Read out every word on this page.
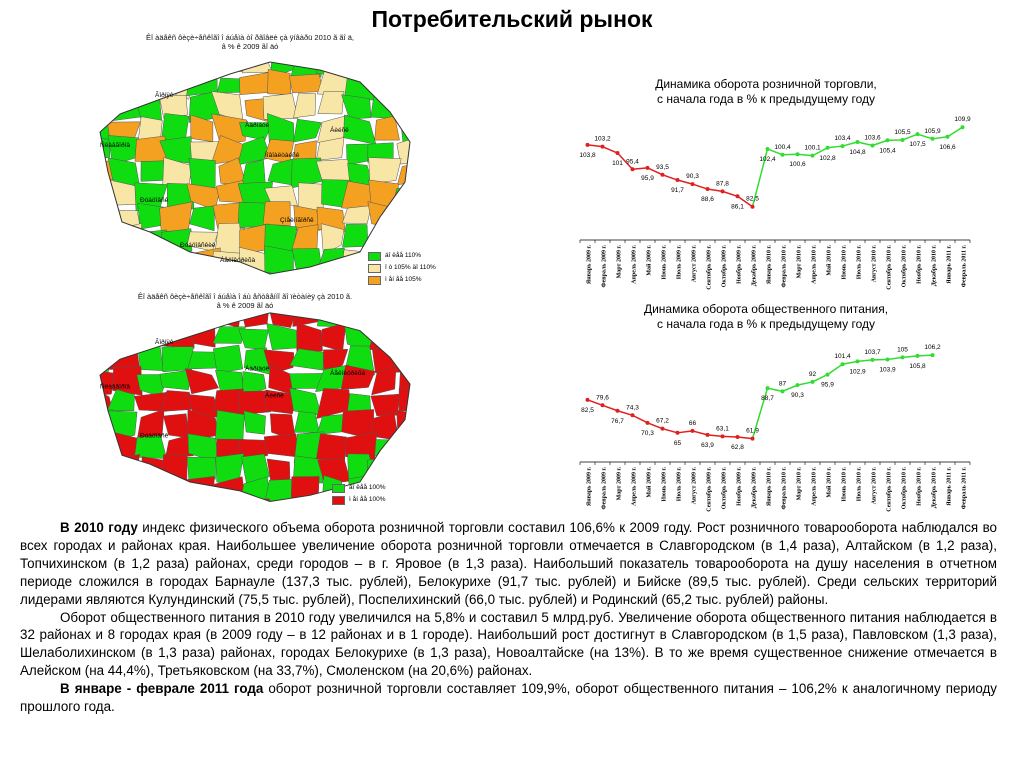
Потребительский рынок
Êî àäåêñ ôèçè÷åñêîãî î áúåìà òî ðãîâëè çà ÿíâàðü 2010 ã ãî ä,
â % ê 2009 ãî äó
Ãîðíÿê
Ñëàâãîðîä
Ðóáöîâñê
Áàðíàóë
Íîâîàëòàéñê
Áèéñê
Çìåèíîãîðñê
Ðóáöîâñêèé
Áåëîêóðèõà
áî ëåå 110%
î ò 105% äî 110%
ì åí åå 105%
Êî àäåêñ ôèçè÷åñêîãî î áúåìà î áù åñòâåííî ãî ïèòàíèÿ çà 2010 ã.
â % ê 2009 ãî äó
Ãîðíÿê
Ñëàâãîðîä
Ðóáöîâñê
Áàðíàóë
Áèéñê
Áåëîêóðèõà
áî ëåå 100%
ì åí åå 100%
Динамика оборота розничной торговли,
с начала года в % к предыдущему году
Январь 2009 г. Февраль 2009 г. Март 2009 г. Апрель 2009 г. Май 2009 г. Июнь 2009 г. Июль 2009 г. Август 2009 г. Сентябрь 2009 г. Октябрь 2009 г. Ноябрь 2009 г. Декабрь 2009 г. Январь 2010 г. Февраль 2010 г. Март 2010 г. Апрель 2010 г. Май 2010 г. Июнь 2010 г. Июль 2010 г. Август 2010 г. Сентябрь 2010 г. Октябрь 2010 г. Ноябрь 2010 г. Декабрь 2010 г. Январь 2011 г. Февраль 2011 г.
103,8
103,2
101 95,4
95,9
93,5
91,7
90,3
88,6
87,8
86,1
82,5
102,4
100,4
100,6
100,1
102,8
103,4
104,8
103,6
105,4
105,5
107,5
105,9
106,6
109,9
Динамика оборота общественного питания,
с начала года в % к предыдущему году
Январь 2009 г. Февраль 2009 г. Март 2009 г. Апрель 2009 г. Май 2009 г. Июнь 2009 г. Июль 2009 г. Август 2009 г. Сентябрь 2009 г. Октябрь 2009 г. Ноябрь 2009 г. Декабрь 2009 г. Январь 2010 г. Февраль 2010 г. Март 2010 г. Апрель 2010 г. Май 2010 г. Июнь 2010 г. Июль 2010 г. Август 2010 г. Сентябрь 2010 г. Октябрь 2010 г. Ноябрь 2010 г. Декабрь 2010 г. Январь 2011 г. Февраль 2011 г.
82,5
79,6
76,7
74,3
70,3
67,2
65
66
63,9
63,1
62,8
61,9
88,7
87
90,3
92
95,9
101,4
102,9
103,7
103,9
105
105,8
106,2

В 2010 году индекс физического объема оборота розничной торговли составил 106,6% к 2009 году. Рост розничного товарооборота наблюдался во всех городах и районах края. Наибольшее увеличение оборота розничной торговли отмечается в Славгородском (в 1,4 раза), Алтайском (в 1,2 раза), Топчихинском (в 1,2 раза) районах, среди городов – в г. Яровое (в 1,3 раза). Наибольший показатель товарооборота на душу населения в отчетном периоде сложился в городах Барнауле (137,3 тыс. рублей), Белокурихе (91,7 тыс. рублей) и Бийске (89,5 тыс. рублей). Среди сельских территорий лидерами являются Кулундинский (75,5 тыс. рублей), Поспелихинский (66,0 тыс. рублей) и Родинский (65,2 тыс. рублей) районы.

Оборот общественного питания в 2010 году увеличился на 5,8% и составил 5 млрд.руб. Увеличение оборота общественного питания наблюдается в 32 районах и 8 городах края (в 2009 году – в 12 районах и в 1 городе). Наибольший рост достигнут в Славгородском (в 1,5 раза), Павловском (1,3 раза), Шелаболихинском (в 1,3 раза) районах, городах Белокурихе (в 1,3 раза), Новоалтайске (на 13%). В то же время существенное снижение отмечается в Алейском (на 44,4%), Третьяковском (на 33,7%), Смоленском (на 20,6%) районах.

В январе - феврале 2011 года оборот розничной торговли составляет 109,9%, оборот общественного питания – 106,2% к аналогичному периоду прошлого года.
